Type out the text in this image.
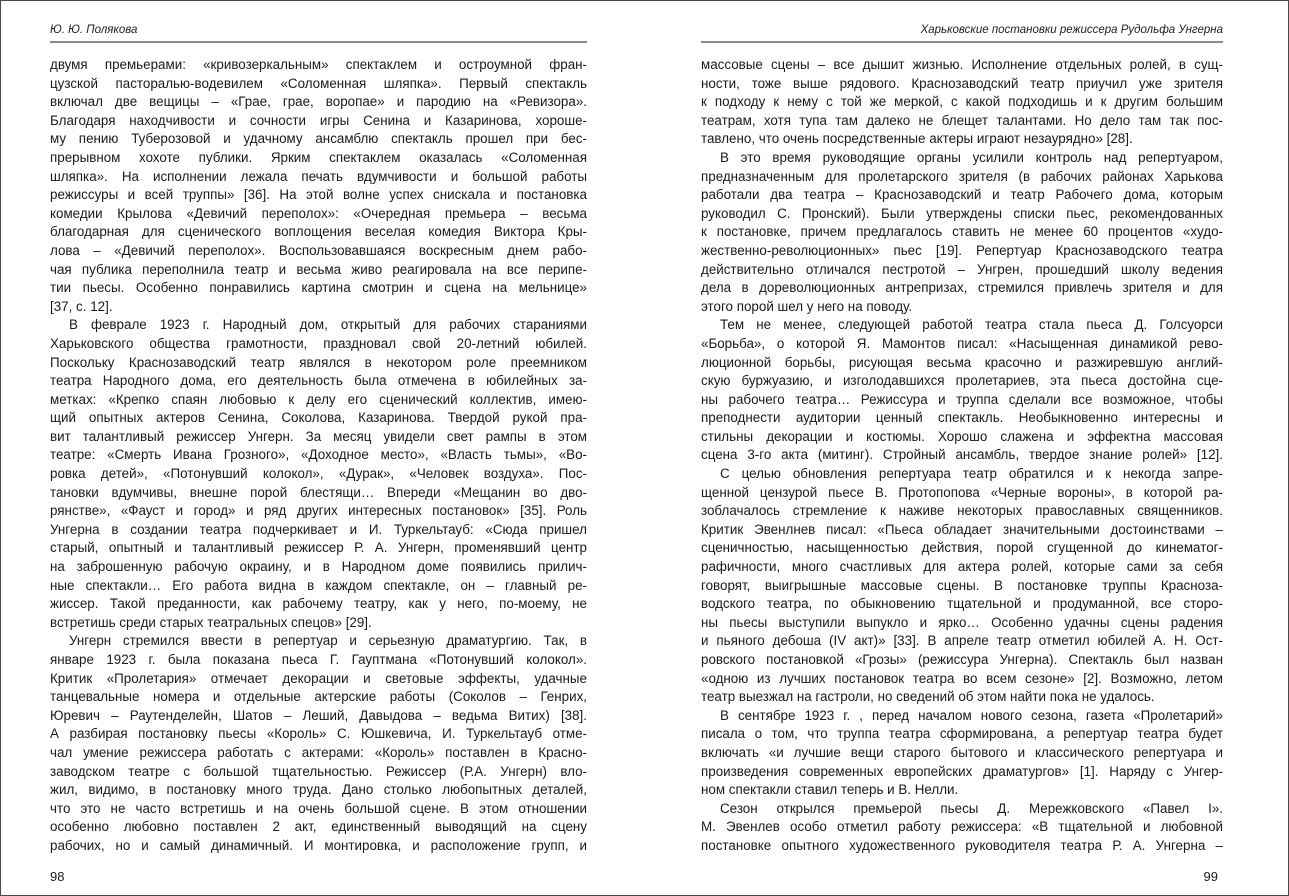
Ю. Ю. Полякова
двумя премьерами: «кривозеркальным» спектаклем и остроумной фран-
цузской пасторалью-водевилем «Соломенная шляпка». Первый спектакль
включал две вещицы – «Грае, грае, воропае» и пародию на «Ревизора».
Благодаря находчивости и сочности игры Сенина и Казаринова, хороше-
му пению Туберозовой и удачному ансамблю спектакль прошел при бес-
прерывном хохоте публики. Ярким спектаклем оказалась «Соломенная
шляпка». На исполнении лежала печать вдумчивости и большой работы
режиссуры и всей труппы» [36]. На этой волне успех снискала и постановка
комедии Крылова «Девичий переполох»: «Очередная премьера – весьма
благодарная для сценического воплощения веселая комедия Виктора Кры-
лова – «Девичий переполох». Воспользовавшаяся воскресным днем рабо-
чая публика переполнила театр и весьма живо реагировала на все перипе-
тии пьесы. Особенно понравились картина смотрин и сцена на мельнице»
[37, с. 12].
В феврале 1923 г. Народный дом, открытый для рабочих стараниями
Харьковского общества грамотности, праздновал свой 20-летний юбилей.
Поскольку Краснозаводский театр являлся в некотором роле преемником
театра Народного дома, его деятельность была отмечена в юбилейных за-
метках: «Крепко спаян любовью к делу его сценический коллектив, имею-
щий опытных актеров Сенина, Соколова, Казаринова. Твердой рукой пра-
вит талантливый режиссер Унгерн. За месяц увидели свет рампы в этом
театре: «Смерть Ивана Грозного», «Доходное место», «Власть тьмы», «Во-
ровка детей», «Потонувший колокол», «Дурак», «Человек воздуха». Пос-
тановки вдумчивы, внешне порой блестящи… Впереди «Мещанин во дво-
рянстве», «Фауст и город» и ряд других интересных постановок» [35]. Роль
Унгерна в создании театра подчеркивает и И. Туркельтауб: «Сюда пришел
старый, опытный и талантливый режиссер Р. А. Унгерн, променявший центр
на заброшенную рабочую окраину, и в Народном доме появились прилич-
ные спектакли… Его работа видна в каждом спектакле, он – главный ре-
жиссер. Такой преданности, как рабочему театру, как у него, по-моему, не
встретишь среди старых театральных спецов» [29].
Унгерн стремился ввести в репертуар и серьезную драматургию. Так, в
январе 1923 г. была показана пьеса Г. Гауптмана «Потонувший колокол».
Критик «Пролетария» отмечает декорации и световые эффекты, удачные
танцевальные номера и отдельные актерские работы (Соколов – Генрих,
Юревич – Раутенделейн, Шатов – Леший, Давыдова – ведьма Витих) [38].
А разбирая постановку пьесы «Король» С. Юшкевича, И. Туркельтауб отме-
чал умение режиссера работать с актерами: «Король» поставлен в Красно-
заводском театре с большой тщательностью. Режиссер (Р.А. Унгерн) вло-
жил, видимо, в постановку много труда. Дано столько любопытных деталей,
что это не часто встретишь и на очень большой сцене. В этом отношении
особенно любовно поставлен 2 акт, единственный выводящий на сцену
рабочих, но и самый динамичный. И монтировка, и расположение групп, и
98
Харьковские постановки режиссера Рудольфа Унгерна
массовые сцены – все дышит жизнью. Исполнение отдельных ролей, в сущ-
ности, тоже выше рядового. Краснозаводский театр приучил уже зрителя
к подходу к нему с той же меркой, с какой подходишь и к другим большим
театрам, хотя тупа там далеко не блещет талантами. Но дело там так пос-
тавлено, что очень посредственные актеры играют незаурядно» [28].
В это время руководящие органы усилили контроль над репертуаром,
предназначенным для пролетарского зрителя (в рабочих районах Харькова
работали два театра – Краснозаводский и театр Рабочего дома, которым
руководил С. Пронский). Были утверждены списки пьес, рекомендованных
к постановке, причем предлагалось ставить не менее 60 процентов «худо-
жественно-революционных» пьес [19]. Репертуар Краснозаводского театра
действительно отличался пестротой – Унгрен, прошедший школу ведения
дела в дореволюционных антрепризах, стремился привлечь зрителя и для
этого порой шел у него на поводу.
Тем не менее, следующей работой театра стала пьеса Д. Голсуорси
«Борьба», о которой Я. Мамонтов писал: «Насыщенная динамикой рево-
люционной борьбы, рисующая весьма красочно и разжиревшую англий-
скую буржуазию, и изголодавшихся пролетариев, эта пьеса достойна сце-
ны рабочего театра… Режиссура и труппа сделали все возможное, чтобы
преподнести аудитории ценный спектакль. Необыкновенно интересны и
стильны декорации и костюмы. Хорошо слажена и эффектна массовая
сцена 3-го акта (митинг). Стройный ансамбль, твердое знание ролей» [12].
С целью обновления репертуара театр обратился и к некогда запре-
щенной цензурой пьесе В. Протопопова «Черные вороны», в которой ра-
зоблачалось стремление к наживе некоторых православных священников.
Критик Эвенлнев писал: «Пьеса обладает значительными достоинствами –
сценичностью, насыщенностью действия, порой сгущенной до кинематог-
рафичности, много счастливых для актера ролей, которые сами за себя
говорят, выигрышные массовые сцены. В постановке труппы Красноза-
водского театра, по обыкновению тщательной и продуманной, все сторо-
ны пьесы выступили выпукло и ярко… Особенно удачны сцены радения
и пьяного дебоша (IV акт)» [33]. В апреле театр отметил юбилей А. Н. Ост-
ровского постановкой «Грозы» (режиссура Унгерна). Спектакль был назван
«одною из лучших постановок театра во всем сезоне» [2]. Возможно, летом
театр выезжал на гастроли, но сведений об этом найти пока не удалось.
В сентябре 1923 г. , перед началом нового сезона, газета «Пролетарий»
писала о том, что труппа театра сформирована, а репертуар театра будет
включать «и лучшие вещи старого бытового и классического репертуара и
произведения современных европейских драматургов» [1]. Наряду с Унгер-
ном спектакли ставил теперь и В. Нелли.
Сезон открылся премьерой пьесы Д. Мережковского «Павел I».
М. Эвенлев особо отметил работу режиссера: «В тщательной и любовной
постановке опытного художественного руководителя театра Р. А. Унгерна –
99
